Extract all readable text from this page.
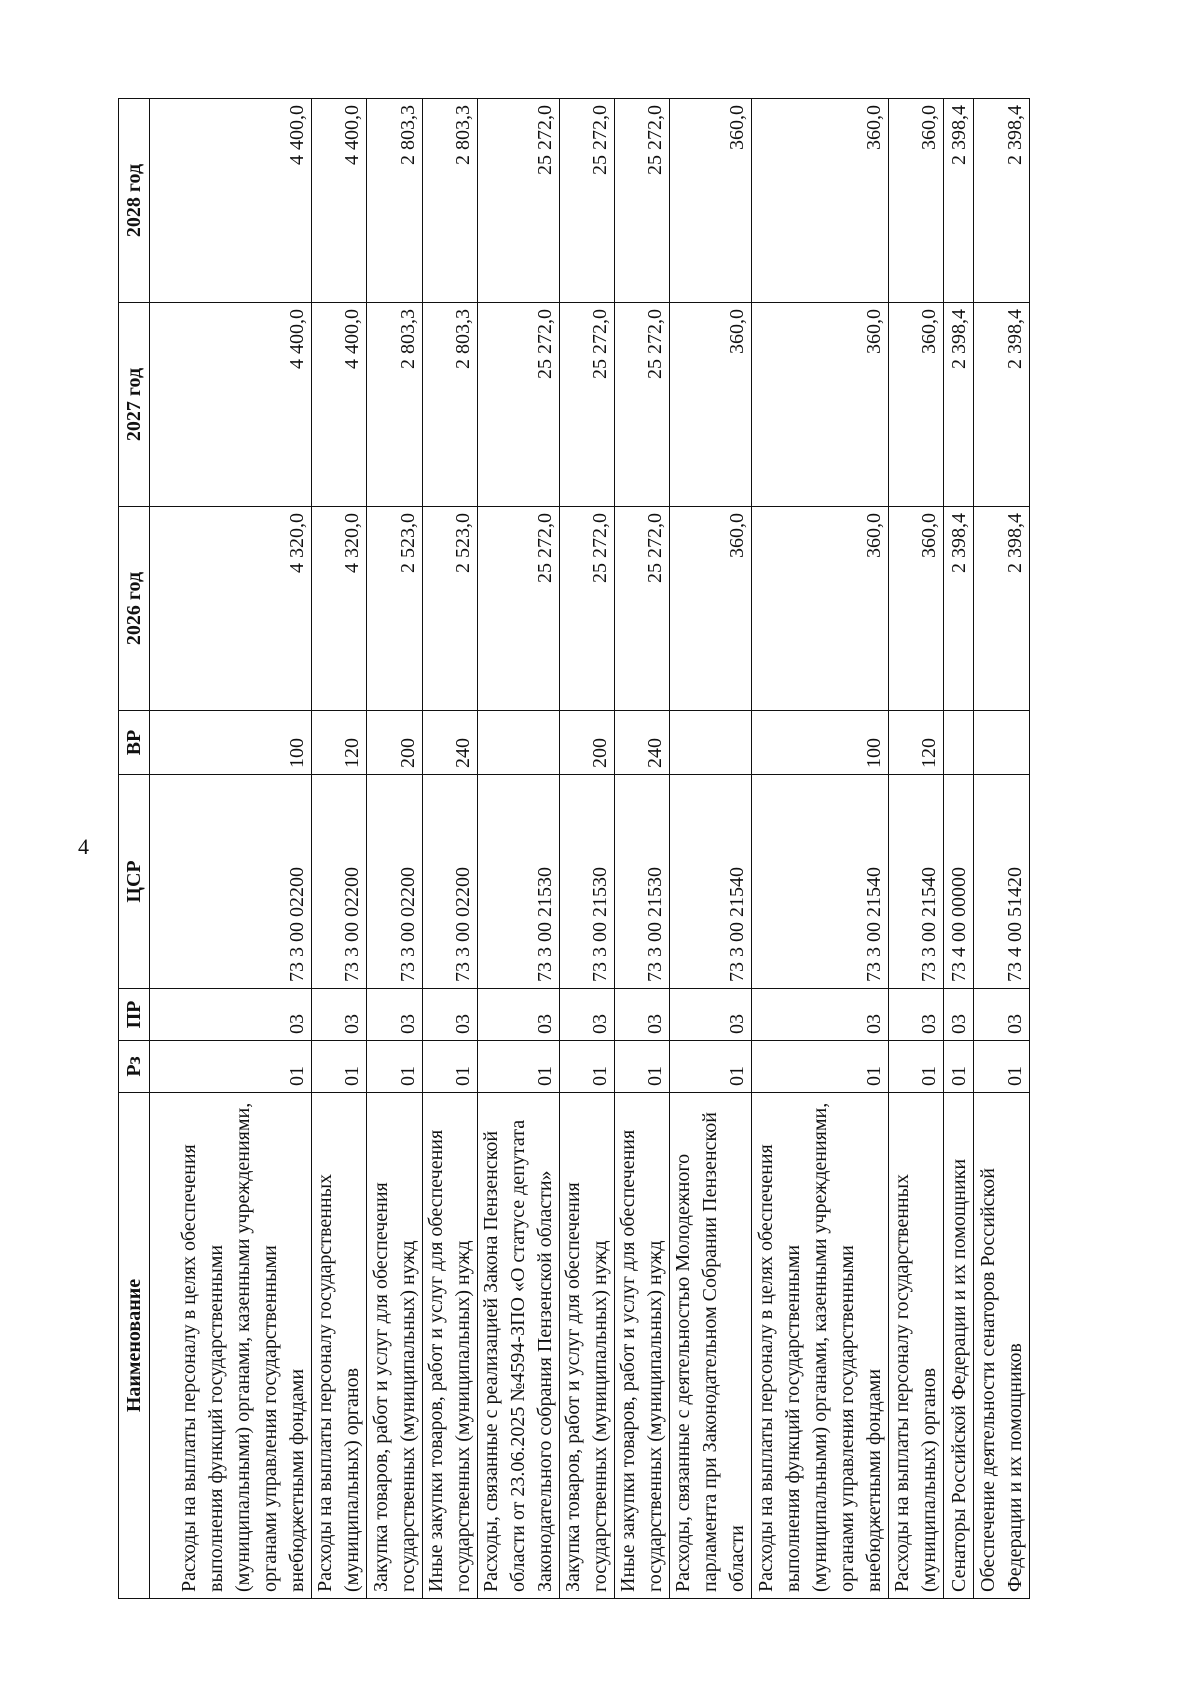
4
Наименование	Рз	ПР	ЦСР	ВР	2026 год	2027 год	2028 год
Расходы на выплаты персоналу в целях обеспечения выполнения функций государственными (муниципальными) органами, казенными учреждениями, органами управления государственными внебюджетными фондами	01	03	73 3 00 02200	100	4 320,0	4 400,0	4 400,0
Расходы на выплаты персоналу государственных (муниципальных) органов	01	03	73 3 00 02200	120	4 320,0	4 400,0	4 400,0
Закупка товаров, работ и услуг для обеспечения государственных (муниципальных) нужд	01	03	73 3 00 02200	200	2 523,0	2 803,3	2 803,3
Иные закупки товаров, работ и услуг для обеспечения государственных (муниципальных) нужд	01	03	73 3 00 02200	240	2 523,0	2 803,3	2 803,3
Расходы, связанные с реализацией Закона Пензенской области от 23.06.2025 №4594-ЗПО «О статусе депутата Законодательного собрания Пензенской области»	01	03	73 3 00 21530		25 272,0	25 272,0	25 272,0
Закупка товаров, работ и услуг для обеспечения государственных (муниципальных) нужд	01	03	73 3 00 21530	200	25 272,0	25 272,0	25 272,0
Иные закупки товаров, работ и услуг для обеспечения государственных (муниципальных) нужд	01	03	73 3 00 21530	240	25 272,0	25 272,0	25 272,0
Расходы, связанные с деятельностью Молодежного парламента при Законодательном Собрании Пензенской области	01	03	73 3 00 21540		360,0	360,0	360,0
Расходы на выплаты персоналу в целях обеспечения выполнения функций государственными (муниципальными) органами, казенными учреждениями, органами управления государственными внебюджетными фондами	01	03	73 3 00 21540	100	360,0	360,0	360,0
Расходы на выплаты персоналу государственных (муниципальных) органов	01	03	73 3 00 21540	120	360,0	360,0	360,0
Сенаторы Российской Федерации и их помощники	01	03	73 4 00 00000		2 398,4	2 398,4	2 398,4
Обеспечение деятельности сенаторов Российской Федерации и их помощников	01	03	73 4 00 51420		2 398,4	2 398,4	2 398,4
